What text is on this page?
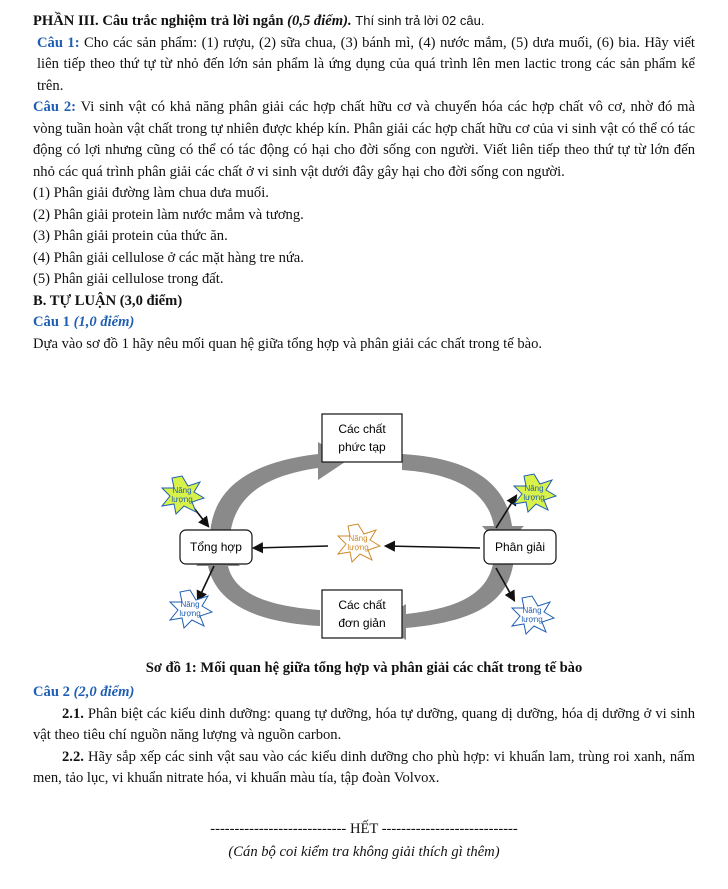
PHẦN III. Câu trắc nghiệm trả lời ngắn (0,5 điểm). Thí sinh trả lời 02 câu.

Câu 1: Cho các sản phẩm: (1) rượu, (2) sữa chua, (3) bánh mì, (4) nước mắm, (5) dưa muối, (6) bia. Hãy viết liên tiếp theo thứ tự từ nhỏ đến lớn sản phẩm là ứng dụng của quá trình lên men lactic trong các sản phẩm kể trên.

Câu 2: Vi sinh vật có khả năng phân giải các hợp chất hữu cơ và chuyển hóa các hợp chất vô cơ, nhờ đó mà vòng tuần hoàn vật chất trong tự nhiên được khép kín. Phân giải các hợp chất hữu cơ của vi sinh vật có thể có tác động có lợi nhưng cũng có thể có tác động có hại cho đời sống con người. Viết liên tiếp theo thứ tự từ lớn đến nhỏ các quá trình phân giải các chất ở vi sinh vật dưới đây gây hại cho đời sống con người.

(1) Phân giải đường làm chua dưa muối.

(2) Phân giải protein làm nước mắm và tương.

(3) Phân giải protein của thức ăn.

(4) Phân giải cellulose ở các mặt hàng tre nứa.

(5) Phân giải cellulose trong đất.

B. TỰ LUẬN (3,0 điểm)

Câu 1 (1,0 điểm)

Dựa vào sơ đồ 1 hãy nêu mối quan hệ giữa tổng hợp và phân giải các chất trong tế bào.

Các chất
phức tạp
Các chất
đơn giản
Tổng hợp	Phân giải
Năng
lượng
Năng
lượng
Năng
lượng
Năng
lượng
Năng
lượng
Sơ đồ 1: Mối quan hệ giữa tổng hợp và phân giải các chất trong tế bào

Câu 2 (2,0 điểm)

2.1. Phân biệt các kiểu dinh dưỡng: quang tự dưỡng, hóa tự dưỡng, quang dị dưỡng, hóa dị dưỡng ở vi sinh vật theo tiêu chí nguồn năng lượng và nguồn carbon.

2.2. Hãy sắp xếp các sinh vật sau vào các kiểu dinh dưỡng cho phù hợp: vi khuẩn lam, trùng roi xanh, nấm men, tảo lục, vi khuẩn nitrate hóa, vi khuẩn màu tía, tập đoàn Volvox.

---------------------------- HẾT ----------------------------
(Cán bộ coi kiểm tra không giải thích gì thêm)
